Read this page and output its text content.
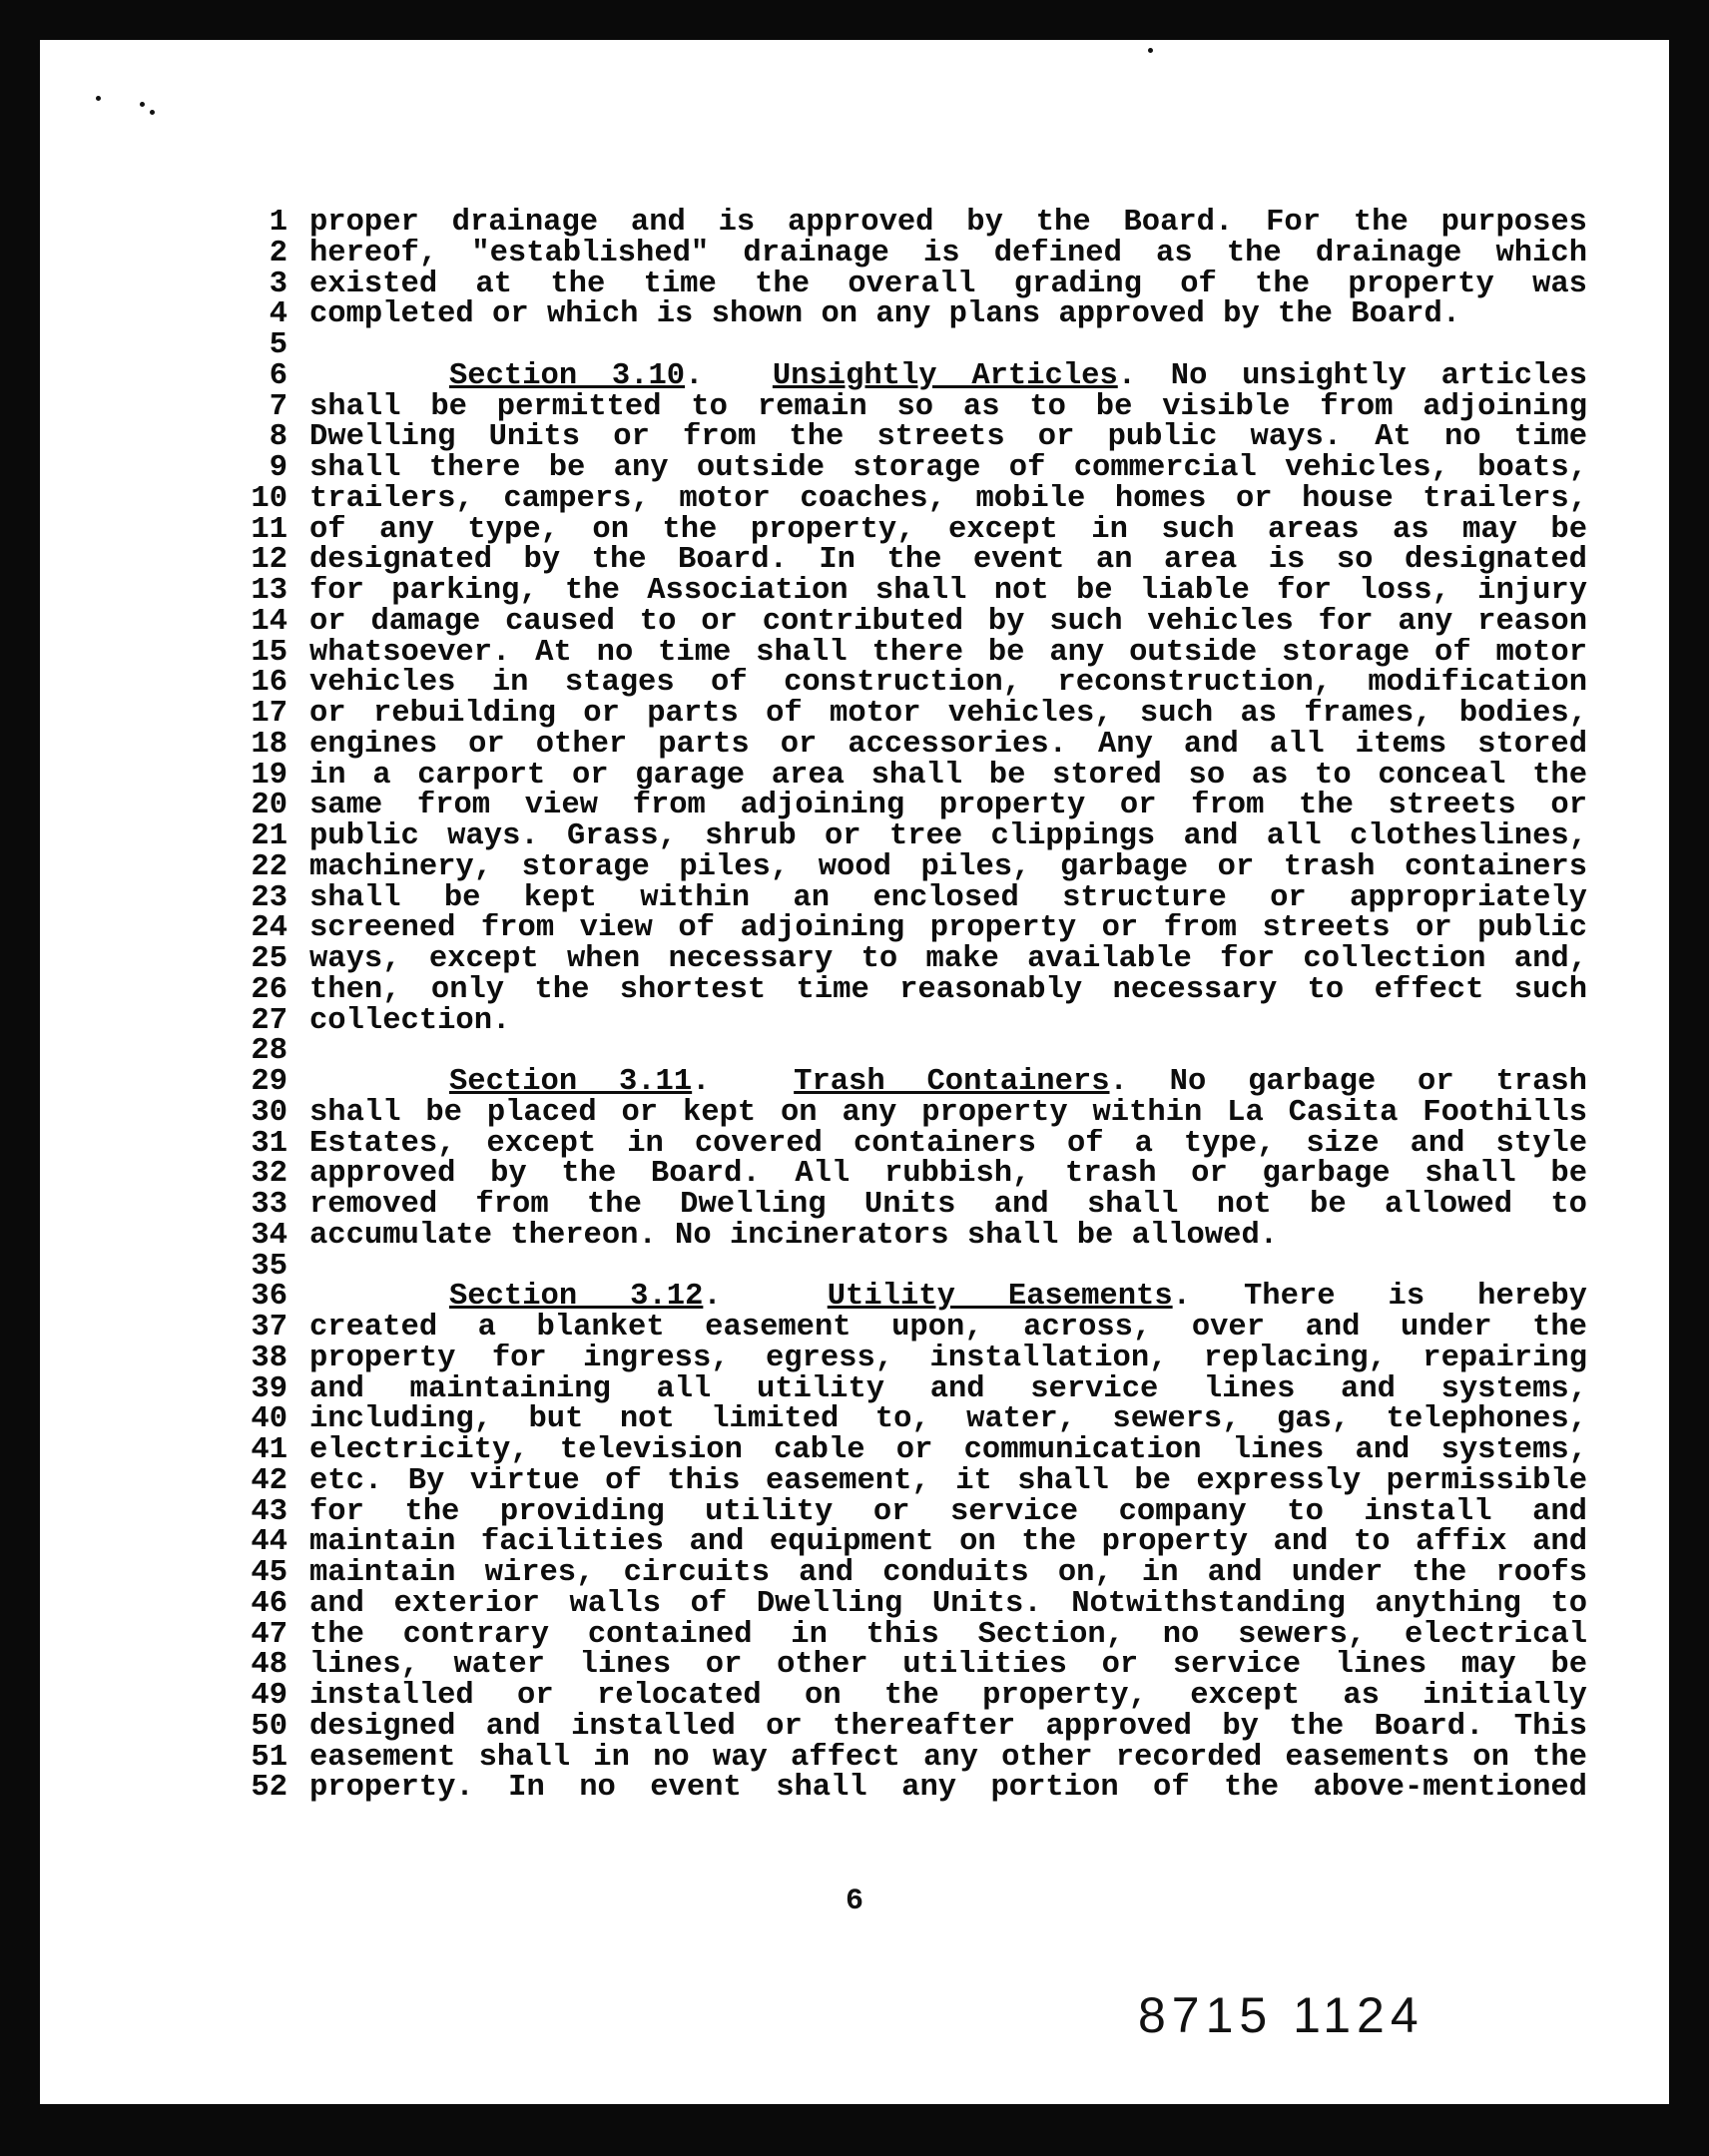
1 proper drainage and is approved by the Board. For the purposes
2 hereof, "established" drainage is defined as the drainage which
3 existed at the time the overall grading of the property was
4 completed or which is shown on any plans approved by the Board.
5
6	Section 3.10.  Unsightly Articles. No unsightly articles
7 shall be permitted to remain so as to be visible from adjoining
8 Dwelling Units or from the streets or public ways. At no time
9 shall there be any outside storage of commercial vehicles, boats,
10 trailers, campers, motor coaches, mobile homes or house trailers,
11 of any type, on the property, except in such areas as may be
12 designated by the Board. In the event an area is so designated
13 for parking, the Association shall not be liable for loss, injury
14 or damage caused to or contributed by such vehicles for any reason
15 whatsoever. At no time shall there be any outside storage of motor
16 vehicles in stages of construction, reconstruction, modification
17 or rebuilding or parts of motor vehicles, such as frames, bodies,
18 engines or other parts or accessories. Any and all items stored
19 in a carport or garage area shall be stored so as to conceal the
20 same from view from adjoining property or from the streets or
21 public ways. Grass, shrub or tree clippings and all clotheslines,
22 machinery, storage piles, wood piles, garbage or trash containers
23 shall be kept within an enclosed structure or appropriately
24 screened from view of adjoining property or from streets or public
25 ways, except when necessary to make available for collection and,
26 then, only the shortest time reasonably necessary to effect such
27 collection.
28
29	Section 3.11.  Trash Containers. No garbage or trash
30 shall be placed or kept on any property within La Casita Foothills
31 Estates, except in covered containers of a type, size and style
32 approved by the Board. All rubbish, trash or garbage shall be
33 removed from the Dwelling Units and shall not be allowed to
34 accumulate thereon. No incinerators shall be allowed.
35
36	Section 3.12.  Utility Easements. There is hereby
37 created a blanket easement upon, across, over and under the
38 property for ingress, egress, installation, replacing, repairing
39 and maintaining all utility and service lines and systems,
40 including, but not limited to, water, sewers, gas, telephones,
41 electricity, television cable or communication lines and systems,
42 etc. By virtue of this easement, it shall be expressly permissible
43 for the providing utility or service company to install and
44 maintain facilities and equipment on the property and to affix and
45 maintain wires, circuits and conduits on, in and under the roofs
46 and exterior walls of Dwelling Units. Notwithstanding anything to
47 the contrary contained in this Section, no sewers, electrical
48 lines, water lines or other utilities or service lines may be
49 installed or relocated on the property, except as initially
50 designed and installed or thereafter approved by the Board. This
51 easement shall in no way affect any other recorded easements on the
52 property. In no event shall any portion of the above-mentioned
6
8715 1124
